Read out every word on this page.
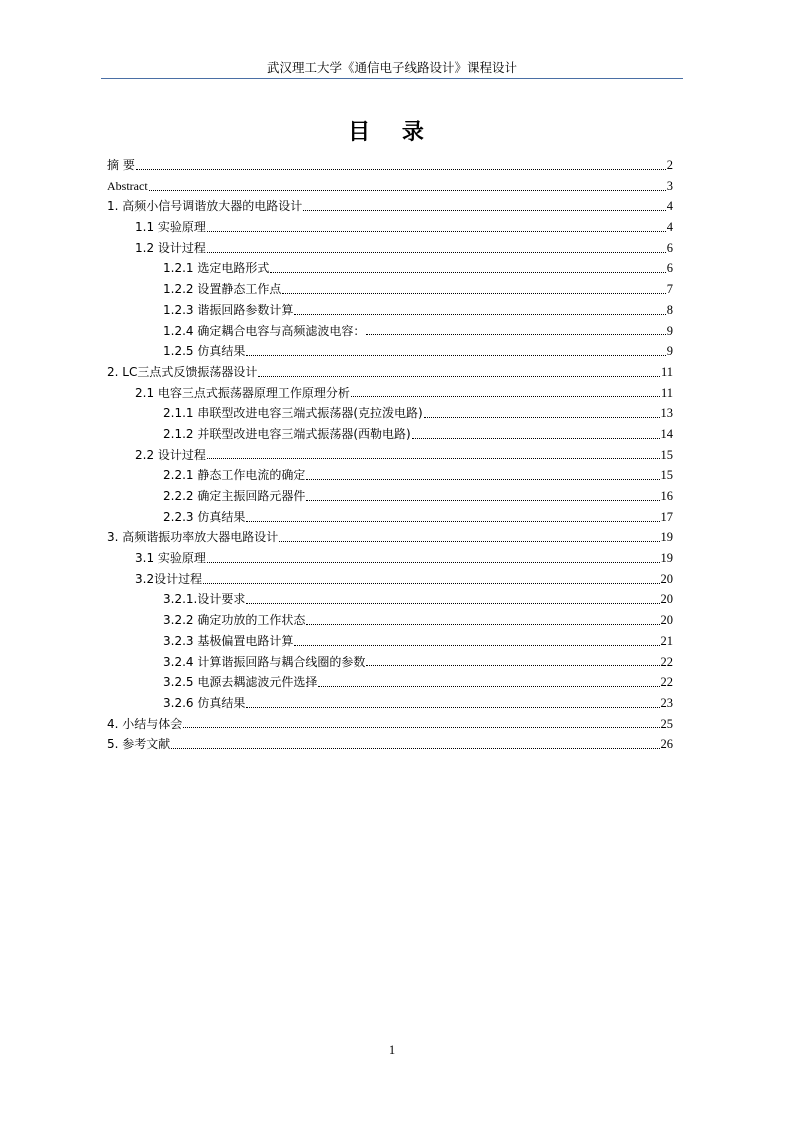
武汉理工大学《通信电子线路设计》课程设计
目 录
摘 要	2
Abstract	3
1. 高频小信号调谐放大器的电路设计	4
1.1 实验原理	4
1.2 设计过程	6
1.2.1 选定电路形式	6
1.2.2 设置静态工作点	7
1.2.3 谐振回路参数计算	8
1.2.4 确定耦合电容与高频滤波电容：	9
1.2.5 仿真结果	9
2. LC三点式反馈振荡器设计	11
2.1 电容三点式振荡器原理工作原理分析	11
2.1.1 串联型改进电容三端式振荡器(克拉泼电路)	13
2.1.2 并联型改进电容三端式振荡器(西勒电路)	14
2.2 设计过程	15
2.2.1 静态工作电流的确定	15
2.2.2 确定主振回路元器件	16
2.2.3 仿真结果	17
3. 高频谐振功率放大器电路设计	19
3.1 实验原理	19
3.2设计过程	20
3.2.1.设计要求	20
3.2.2 确定功放的工作状态	20
3.2.3 基极偏置电路计算	21
3.2.4 计算谐振回路与耦合线圈的参数	22
3.2.5 电源去耦滤波元件选择	22
3.2.6 仿真结果	23
4. 小结与体会	25
5. 参考文献	26
1
